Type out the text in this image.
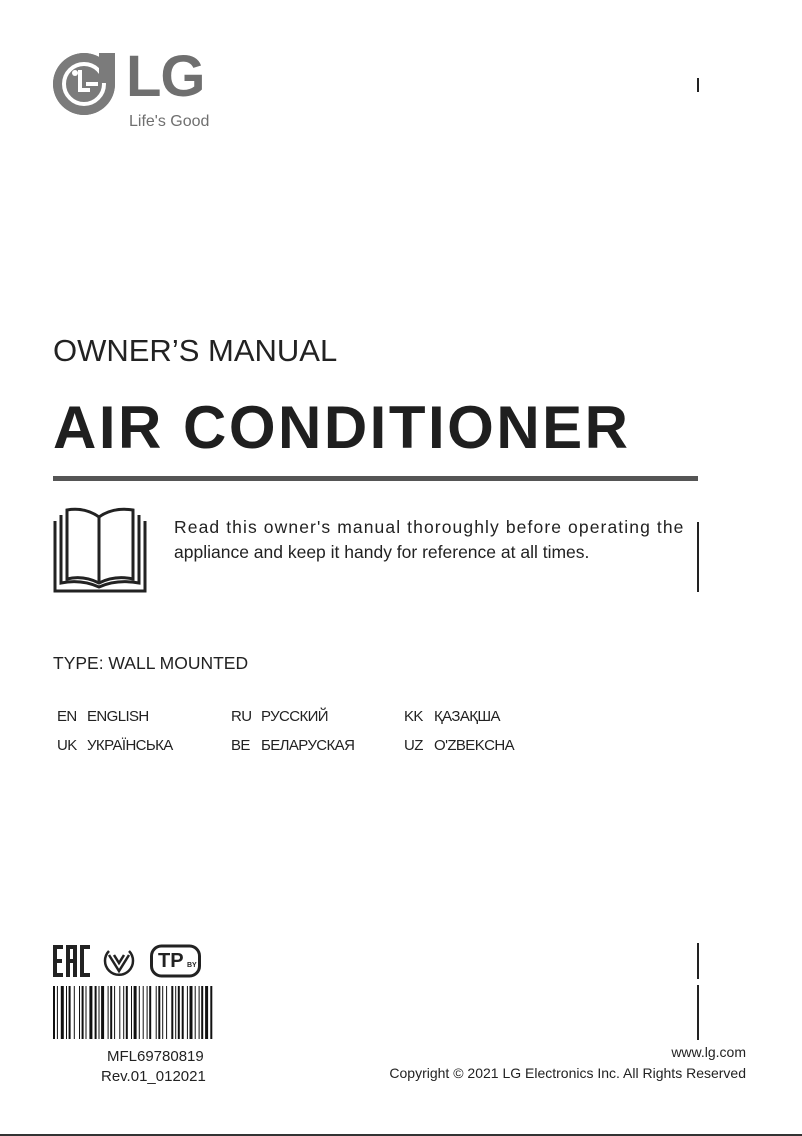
LG
Life's Good
OWNER’S MANUAL
AIR CONDITIONER
Read this owner's manual thoroughly before operating the
appliance and keep it handy for reference at all times.
TYPE: WALL MOUNTED
EN ENGLISH	RU РУССКИЙ	KK ҚАЗАҚША
UK УКРАЇНСЬКА	BE БЕЛАРУСКАЯ	UZ O'ZBEKCHA
TP BY
MFL69780819
Rev.01_012021
www.lg.com
Copyright © 2021 LG Electronics Inc. All Rights Reserved
